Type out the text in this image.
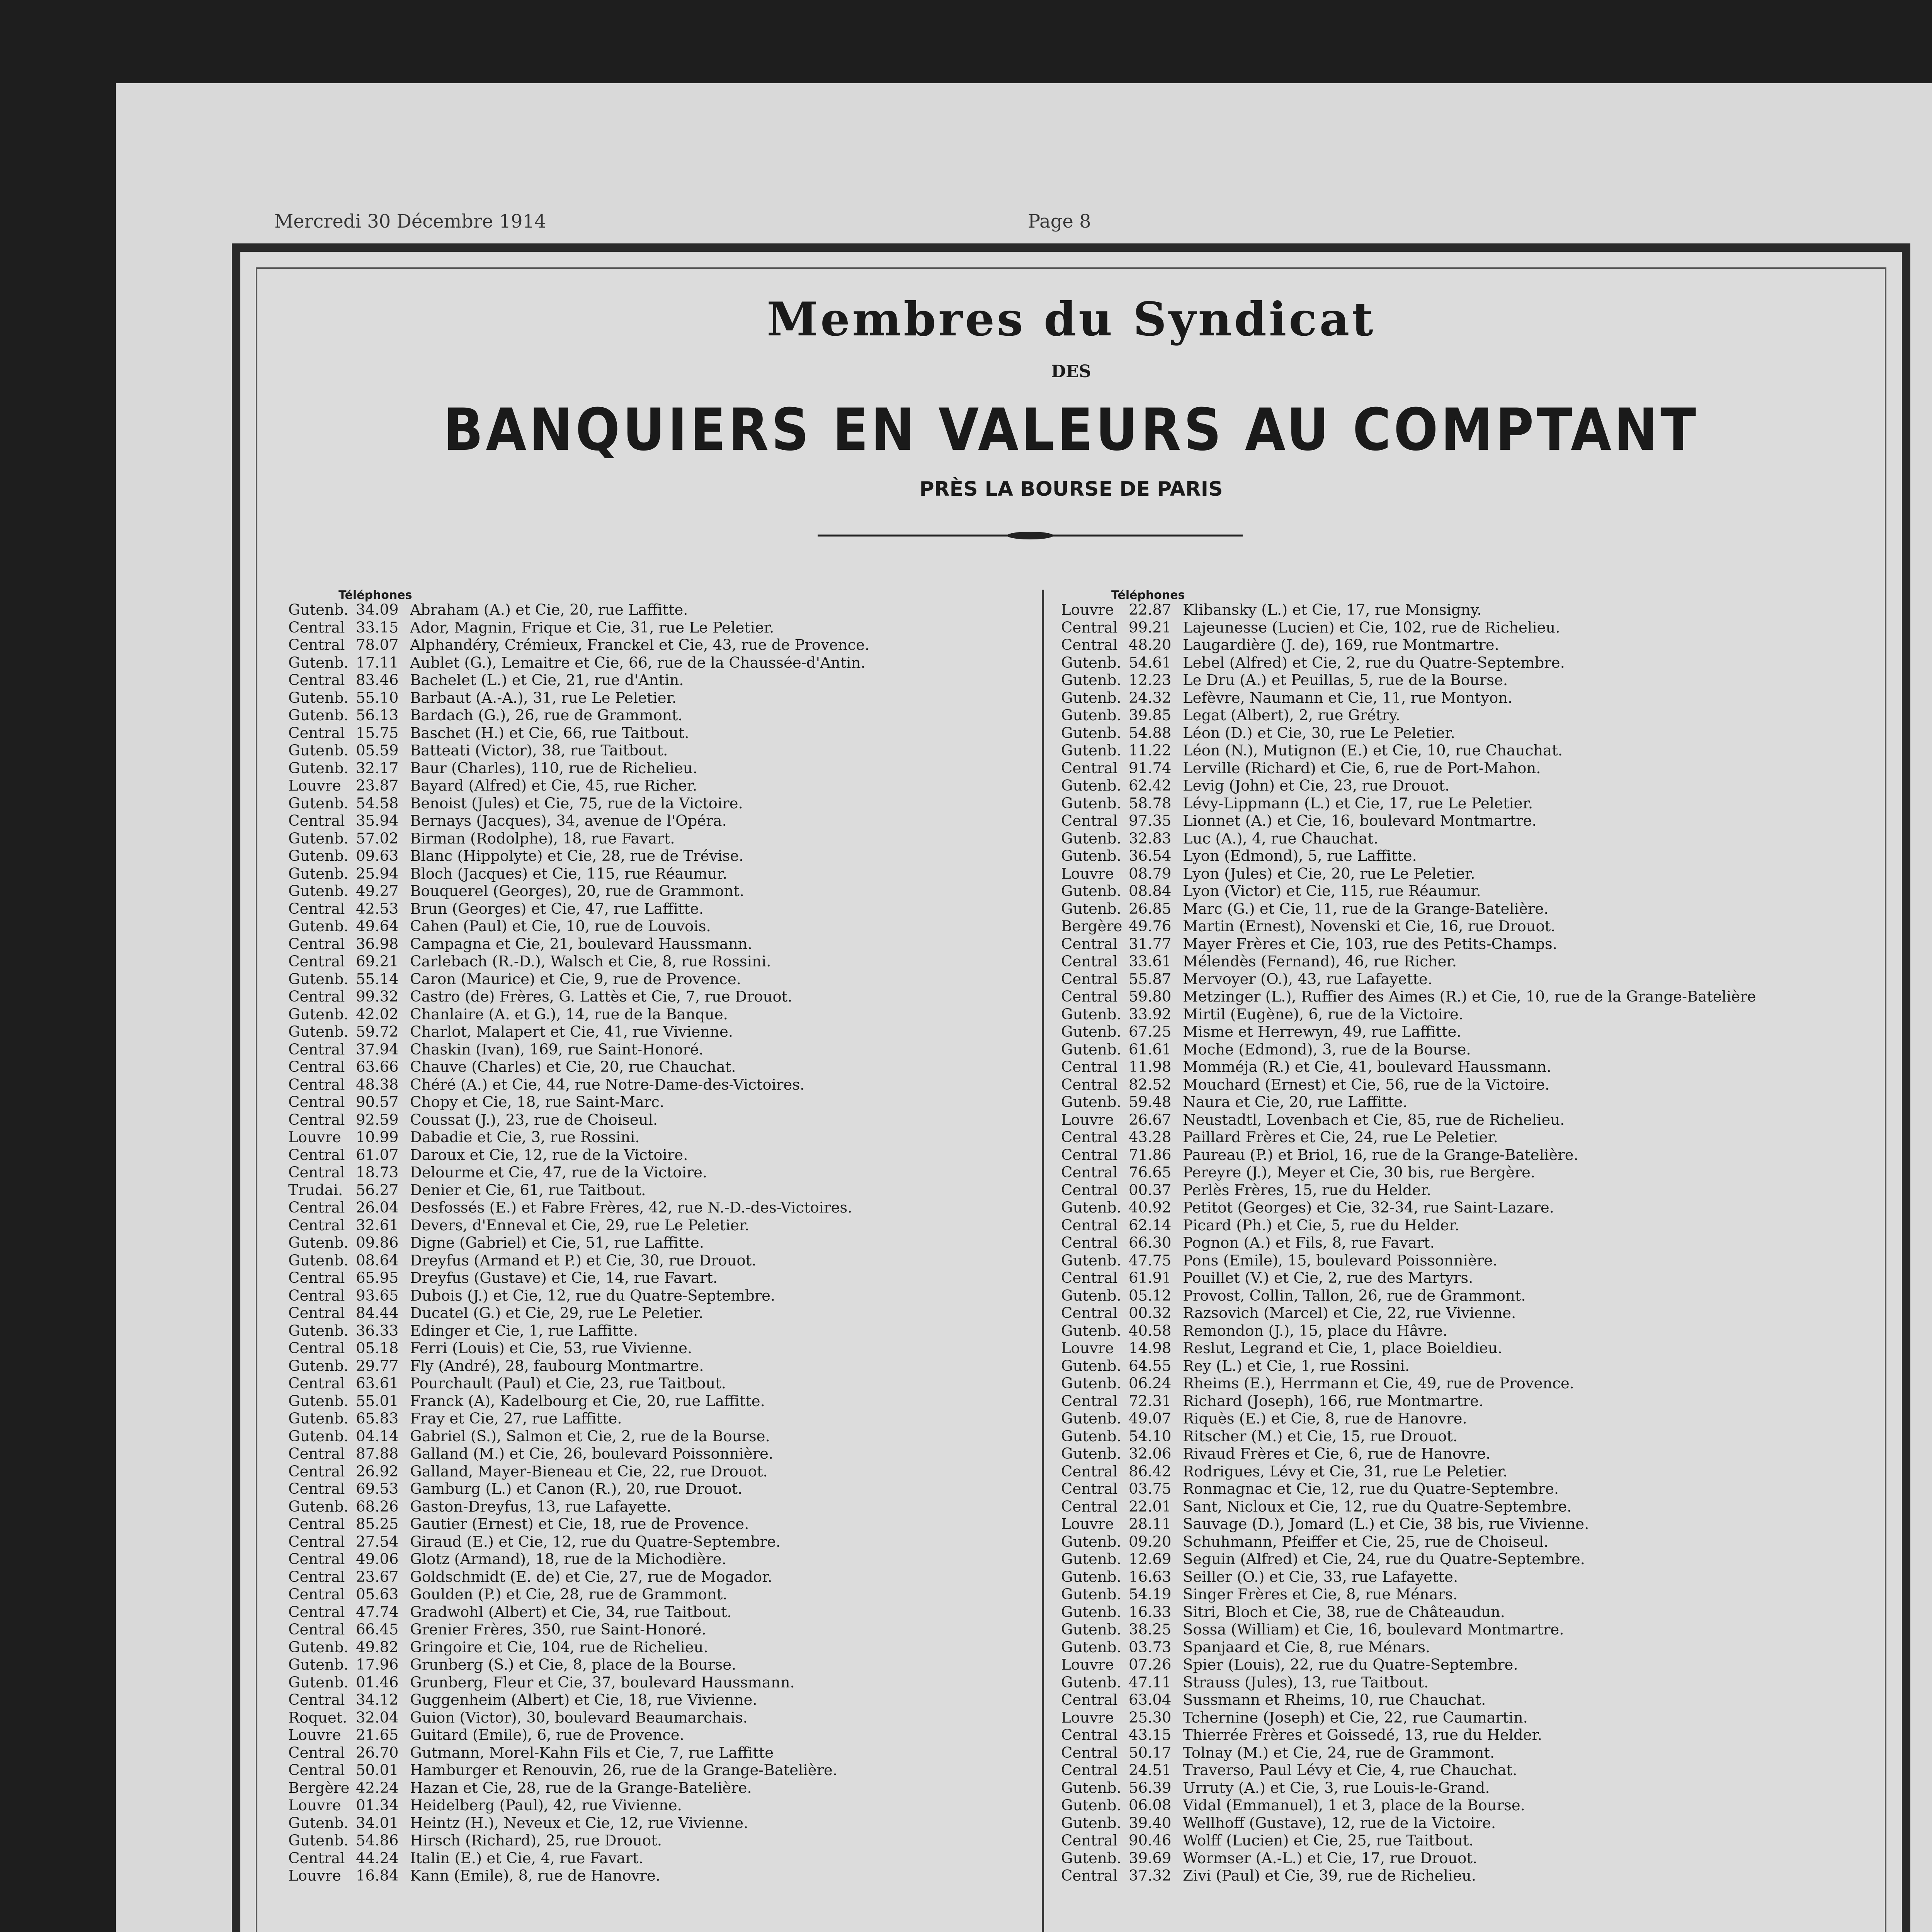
Mercredi 30 Décembre 1914	Page 8
Membres du Syndicat
DES
BANQUIERS EN VALEURS AU COMPTANT
PRÈS LA BOURSE DE PARIS
Téléphones
Gutenb. 34.09 Abraham (A.) et Cie, 20, rue Laffitte.
Central 33.15 Ador, Magnin, Frique et Cie, 31, rue Le Peletier.
Central 78.07 Alphandéry, Crémieux, Franckel et Cie, 43, rue de Provence.
Gutenb. 17.11 Aublet (G.), Lemaitre et Cie, 66, rue de la Chaussée-d'Antin.
Central 83.46 Bachelet (L.) et Cie, 21, rue d'Antin.
Gutenb. 55.10 Barbaut (A.-A.), 31, rue Le Peletier.
Gutenb. 56.13 Bardach (G.), 26, rue de Grammont.
Central 15.75 Baschet (H.) et Cie, 66, rue Taitbout.
Gutenb. 05.59 Batteati (Victor), 38, rue Taitbout.
Gutenb. 32.17 Baur (Charles), 110, rue de Richelieu.
Louvre 23.87 Bayard (Alfred) et Cie, 45, rue Richer.
Gutenb. 54.58 Benoist (Jules) et Cie, 75, rue de la Victoire.
Central 35.94 Bernays (Jacques), 34, avenue de l'Opéra.
Gutenb. 57.02 Birman (Rodolphe), 18, rue Favart.
Gutenb. 09.63 Blanc (Hippolyte) et Cie, 28, rue de Trévise.
Gutenb. 25.94 Bloch (Jacques) et Cie, 115, rue Réaumur.
Gutenb. 49.27 Bouquerel (Georges), 20, rue de Grammont.
Central 42.53 Brun (Georges) et Cie, 47, rue Laffitte.
Gutenb. 49.64 Cahen (Paul) et Cie, 10, rue de Louvois.
Central 36.98 Campagna et Cie, 21, boulevard Haussmann.
Central 69.21 Carlebach (R.-D.), Walsch et Cie, 8, rue Rossini.
Gutenb. 55.14 Caron (Maurice) et Cie, 9, rue de Provence.
Central 99.32 Castro (de) Frères, G. Lattès et Cie, 7, rue Drouot.
Gutenb. 42.02 Chanlaire (A. et G.), 14, rue de la Banque.
Gutenb. 59.72 Charlot, Malapert et Cie, 41, rue Vivienne.
Central 37.94 Chaskin (Ivan), 169, rue Saint-Honoré.
Central 63.66 Chauve (Charles) et Cie, 20, rue Chauchat.
Central 48.38 Chéré (A.) et Cie, 44, rue Notre-Dame-des-Victoires.
Central 90.57 Chopy et Cie, 18, rue Saint-Marc.
Central 92.59 Coussat (J.), 23, rue de Choiseul.
Louvre 10.99 Dabadie et Cie, 3, rue Rossini.
Central 61.07 Daroux et Cie, 12, rue de la Victoire.
Central 18.73 Delourme et Cie, 47, rue de la Victoire.
Trudai. 56.27 Denier et Cie, 61, rue Taitbout.
Central 26.04 Desfossés (E.) et Fabre Frères, 42, rue N.-D.-des-Victoires.
Central 32.61 Devers, d'Enneval et Cie, 29, rue Le Peletier.
Gutenb. 09.86 Digne (Gabriel) et Cie, 51, rue Laffitte.
Gutenb. 08.64 Dreyfus (Armand et P.) et Cie, 30, rue Drouot.
Central 65.95 Dreyfus (Gustave) et Cie, 14, rue Favart.
Central 93.65 Dubois (J.) et Cie, 12, rue du Quatre-Septembre.
Central 84.44 Ducatel (G.) et Cie, 29, rue Le Peletier.
Gutenb. 36.33 Edinger et Cie, 1, rue Laffitte.
Central 05.18 Ferri (Louis) et Cie, 53, rue Vivienne.
Gutenb. 29.77 Fly (André), 28, faubourg Montmartre.
Central 63.61 Pourchault (Paul) et Cie, 23, rue Taitbout.
Gutenb. 55.01 Franck (A), Kadelbourg et Cie, 20, rue Laffitte.
Gutenb. 65.83 Fray et Cie, 27, rue Laffitte.
Gutenb. 04.14 Gabriel (S.), Salmon et Cie, 2, rue de la Bourse.
Central 87.88 Galland (M.) et Cie, 26, boulevard Poissonnière.
Central 26.92 Galland, Mayer-Bieneau et Cie, 22, rue Drouot.
Central 69.53 Gamburg (L.) et Canon (R.), 20, rue Drouot.
Gutenb. 68.26 Gaston-Dreyfus, 13, rue Lafayette.
Central 85.25 Gautier (Ernest) et Cie, 18, rue de Provence.
Central 27.54 Giraud (E.) et Cie, 12, rue du Quatre-Septembre.
Central 49.06 Glotz (Armand), 18, rue de la Michodière.
Central 23.67 Goldschmidt (E. de) et Cie, 27, rue de Mogador.
Central 05.63 Goulden (P.) et Cie, 28, rue de Grammont.
Central 47.74 Gradwohl (Albert) et Cie, 34, rue Taitbout.
Central 66.45 Grenier Frères, 350, rue Saint-Honoré.
Gutenb. 49.82 Gringoire et Cie, 104, rue de Richelieu.
Gutenb. 17.96 Grunberg (S.) et Cie, 8, place de la Bourse.
Gutenb. 01.46 Grunberg, Fleur et Cie, 37, boulevard Haussmann.
Central 34.12 Guggenheim (Albert) et Cie, 18, rue Vivienne.
Roquet. 32.04 Guion (Victor), 30, boulevard Beaumarchais.
Louvre 21.65 Guitard (Emile), 6, rue de Provence.
Central 26.70 Gutmann, Morel-Kahn Fils et Cie, 7, rue Laffitte
Central 50.01 Hamburger et Renouvin, 26, rue de la Grange-Batelière.
Bergère 42.24 Hazan et Cie, 28, rue de la Grange-Batelière.
Louvre 01.34 Heidelberg (Paul), 42, rue Vivienne.
Gutenb. 34.01 Heintz (H.), Neveux et Cie, 12, rue Vivienne.
Gutenb. 54.86 Hirsch (Richard), 25, rue Drouot.
Central 44.24 Italin (E.) et Cie, 4, rue Favart.
Louvre 16.84 Kann (Emile), 8, rue de Hanovre.
Téléphones
Louvre 22.87 Klibansky (L.) et Cie, 17, rue Monsigny.
Central 99.21 Lajeunesse (Lucien) et Cie, 102, rue de Richelieu.
Central 48.20 Laugardière (J. de), 169, rue Montmartre.
Gutenb. 54.61 Lebel (Alfred) et Cie, 2, rue du Quatre-Septembre.
Gutenb. 12.23 Le Dru (A.) et Peuillas, 5, rue de la Bourse.
Gutenb. 24.32 Lefèvre, Naumann et Cie, 11, rue Montyon.
Gutenb. 39.85 Legat (Albert), 2, rue Grétry.
Gutenb. 54.88 Léon (D.) et Cie, 30, rue Le Peletier.
Gutenb. 11.22 Léon (N.), Mutignon (E.) et Cie, 10, rue Chauchat.
Central 91.74 Lerville (Richard) et Cie, 6, rue de Port-Mahon.
Gutenb. 62.42 Levig (John) et Cie, 23, rue Drouot.
Gutenb. 58.78 Lévy-Lippmann (L.) et Cie, 17, rue Le Peletier.
Central 97.35 Lionnet (A.) et Cie, 16, boulevard Montmartre.
Gutenb. 32.83 Luc (A.), 4, rue Chauchat.
Gutenb. 36.54 Lyon (Edmond), 5, rue Laffitte.
Louvre 08.79 Lyon (Jules) et Cie, 20, rue Le Peletier.
Gutenb. 08.84 Lyon (Victor) et Cie, 115, rue Réaumur.
Gutenb. 26.85 Marc (G.) et Cie, 11, rue de la Grange-Batelière.
Bergère 49.76 Martin (Ernest), Novenski et Cie, 16, rue Drouot.
Central 31.77 Mayer Frères et Cie, 103, rue des Petits-Champs.
Central 33.61 Mélendès (Fernand), 46, rue Richer.
Central 55.87 Mervoyer (O.), 43, rue Lafayette.
Central 59.80 Metzinger (L.), Ruffier des Aimes (R.) et Cie, 10, rue de la Grange-Batelière
Gutenb. 33.92 Mirtil (Eugène), 6, rue de la Victoire.
Gutenb. 67.25 Misme et Herrewyn, 49, rue Laffitte.
Gutenb. 61.61 Moche (Edmond), 3, rue de la Bourse.
Central 11.98 Momméja (R.) et Cie, 41, boulevard Haussmann.
Central 82.52 Mouchard (Ernest) et Cie, 56, rue de la Victoire.
Gutenb. 59.48 Naura et Cie, 20, rue Laffitte.
Louvre 26.67 Neustadtl, Lovenbach et Cie, 85, rue de Richelieu.
Central 43.28 Paillard Frères et Cie, 24, rue Le Peletier.
Central 71.86 Paureau (P.) et Briol, 16, rue de la Grange-Batelière.
Central 76.65 Pereyre (J.), Meyer et Cie, 30 bis, rue Bergère.
Central 00.37 Perlès Frères, 15, rue du Helder.
Gutenb. 40.92 Petitot (Georges) et Cie, 32-34, rue Saint-Lazare.
Central 62.14 Picard (Ph.) et Cie, 5, rue du Helder.
Central 66.30 Pognon (A.) et Fils, 8, rue Favart.
Gutenb. 47.75 Pons (Emile), 15, boulevard Poissonnière.
Central 61.91 Pouillet (V.) et Cie, 2, rue des Martyrs.
Gutenb. 05.12 Provost, Collin, Tallon, 26, rue de Grammont.
Central 00.32 Razsovich (Marcel) et Cie, 22, rue Vivienne.
Gutenb. 40.58 Remondon (J.), 15, place du Hâvre.
Louvre 14.98 Reslut, Legrand et Cie, 1, place Boieldieu.
Gutenb. 64.55 Rey (L.) et Cie, 1, rue Rossini.
Gutenb. 06.24 Rheims (E.), Herrmann et Cie, 49, rue de Provence.
Central 72.31 Richard (Joseph), 166, rue Montmartre.
Gutenb. 49.07 Riquès (E.) et Cie, 8, rue de Hanovre.
Gutenb. 54.10 Ritscher (M.) et Cie, 15, rue Drouot.
Gutenb. 32.06 Rivaud Frères et Cie, 6, rue de Hanovre.
Central 86.42 Rodrigues, Lévy et Cie, 31, rue Le Peletier.
Central 03.75 Ronmagnac et Cie, 12, rue du Quatre-Septembre.
Central 22.01 Sant, Nicloux et Cie, 12, rue du Quatre-Septembre.
Louvre 28.11 Sauvage (D.), Jomard (L.) et Cie, 38 bis, rue Vivienne.
Gutenb. 09.20 Schuhmann, Pfeiffer et Cie, 25, rue de Choiseul.
Gutenb. 12.69 Seguin (Alfred) et Cie, 24, rue du Quatre-Septembre.
Gutenb. 16.63 Seiller (O.) et Cie, 33, rue Lafayette.
Gutenb. 54.19 Singer Frères et Cie, 8, rue Ménars.
Gutenb. 16.33 Sitri, Bloch et Cie, 38, rue de Châteaudun.
Gutenb. 38.25 Sossa (William) et Cie, 16, boulevard Montmartre.
Gutenb. 03.73 Spanjaard et Cie, 8, rue Ménars.
Louvre 07.26 Spier (Louis), 22, rue du Quatre-Septembre.
Gutenb. 47.11 Strauss (Jules), 13, rue Taitbout.
Central 63.04 Sussmann et Rheims, 10, rue Chauchat.
Louvre 25.30 Tchernine (Joseph) et Cie, 22, rue Caumartin.
Central 43.15 Thierrée Frères et Goissedé, 13, rue du Helder.
Central 50.17 Tolnay (M.) et Cie, 24, rue de Grammont.
Central 24.51 Traverso, Paul Lévy et Cie, 4, rue Chauchat.
Gutenb. 56.39 Urruty (A.) et Cie, 3, rue Louis-le-Grand.
Gutenb. 06.08 Vidal (Emmanuel), 1 et 3, place de la Bourse.
Gutenb. 39.40 Wellhoff (Gustave), 12, rue de la Victoire.
Central 90.46 Wolff (Lucien) et Cie, 25, rue Taitbout.
Gutenb. 39.69 Wormser (A.-L.) et Cie, 17, rue Drouot.
Central 37.32 Zivi (Paul) et Cie, 39, rue de Richelieu.
